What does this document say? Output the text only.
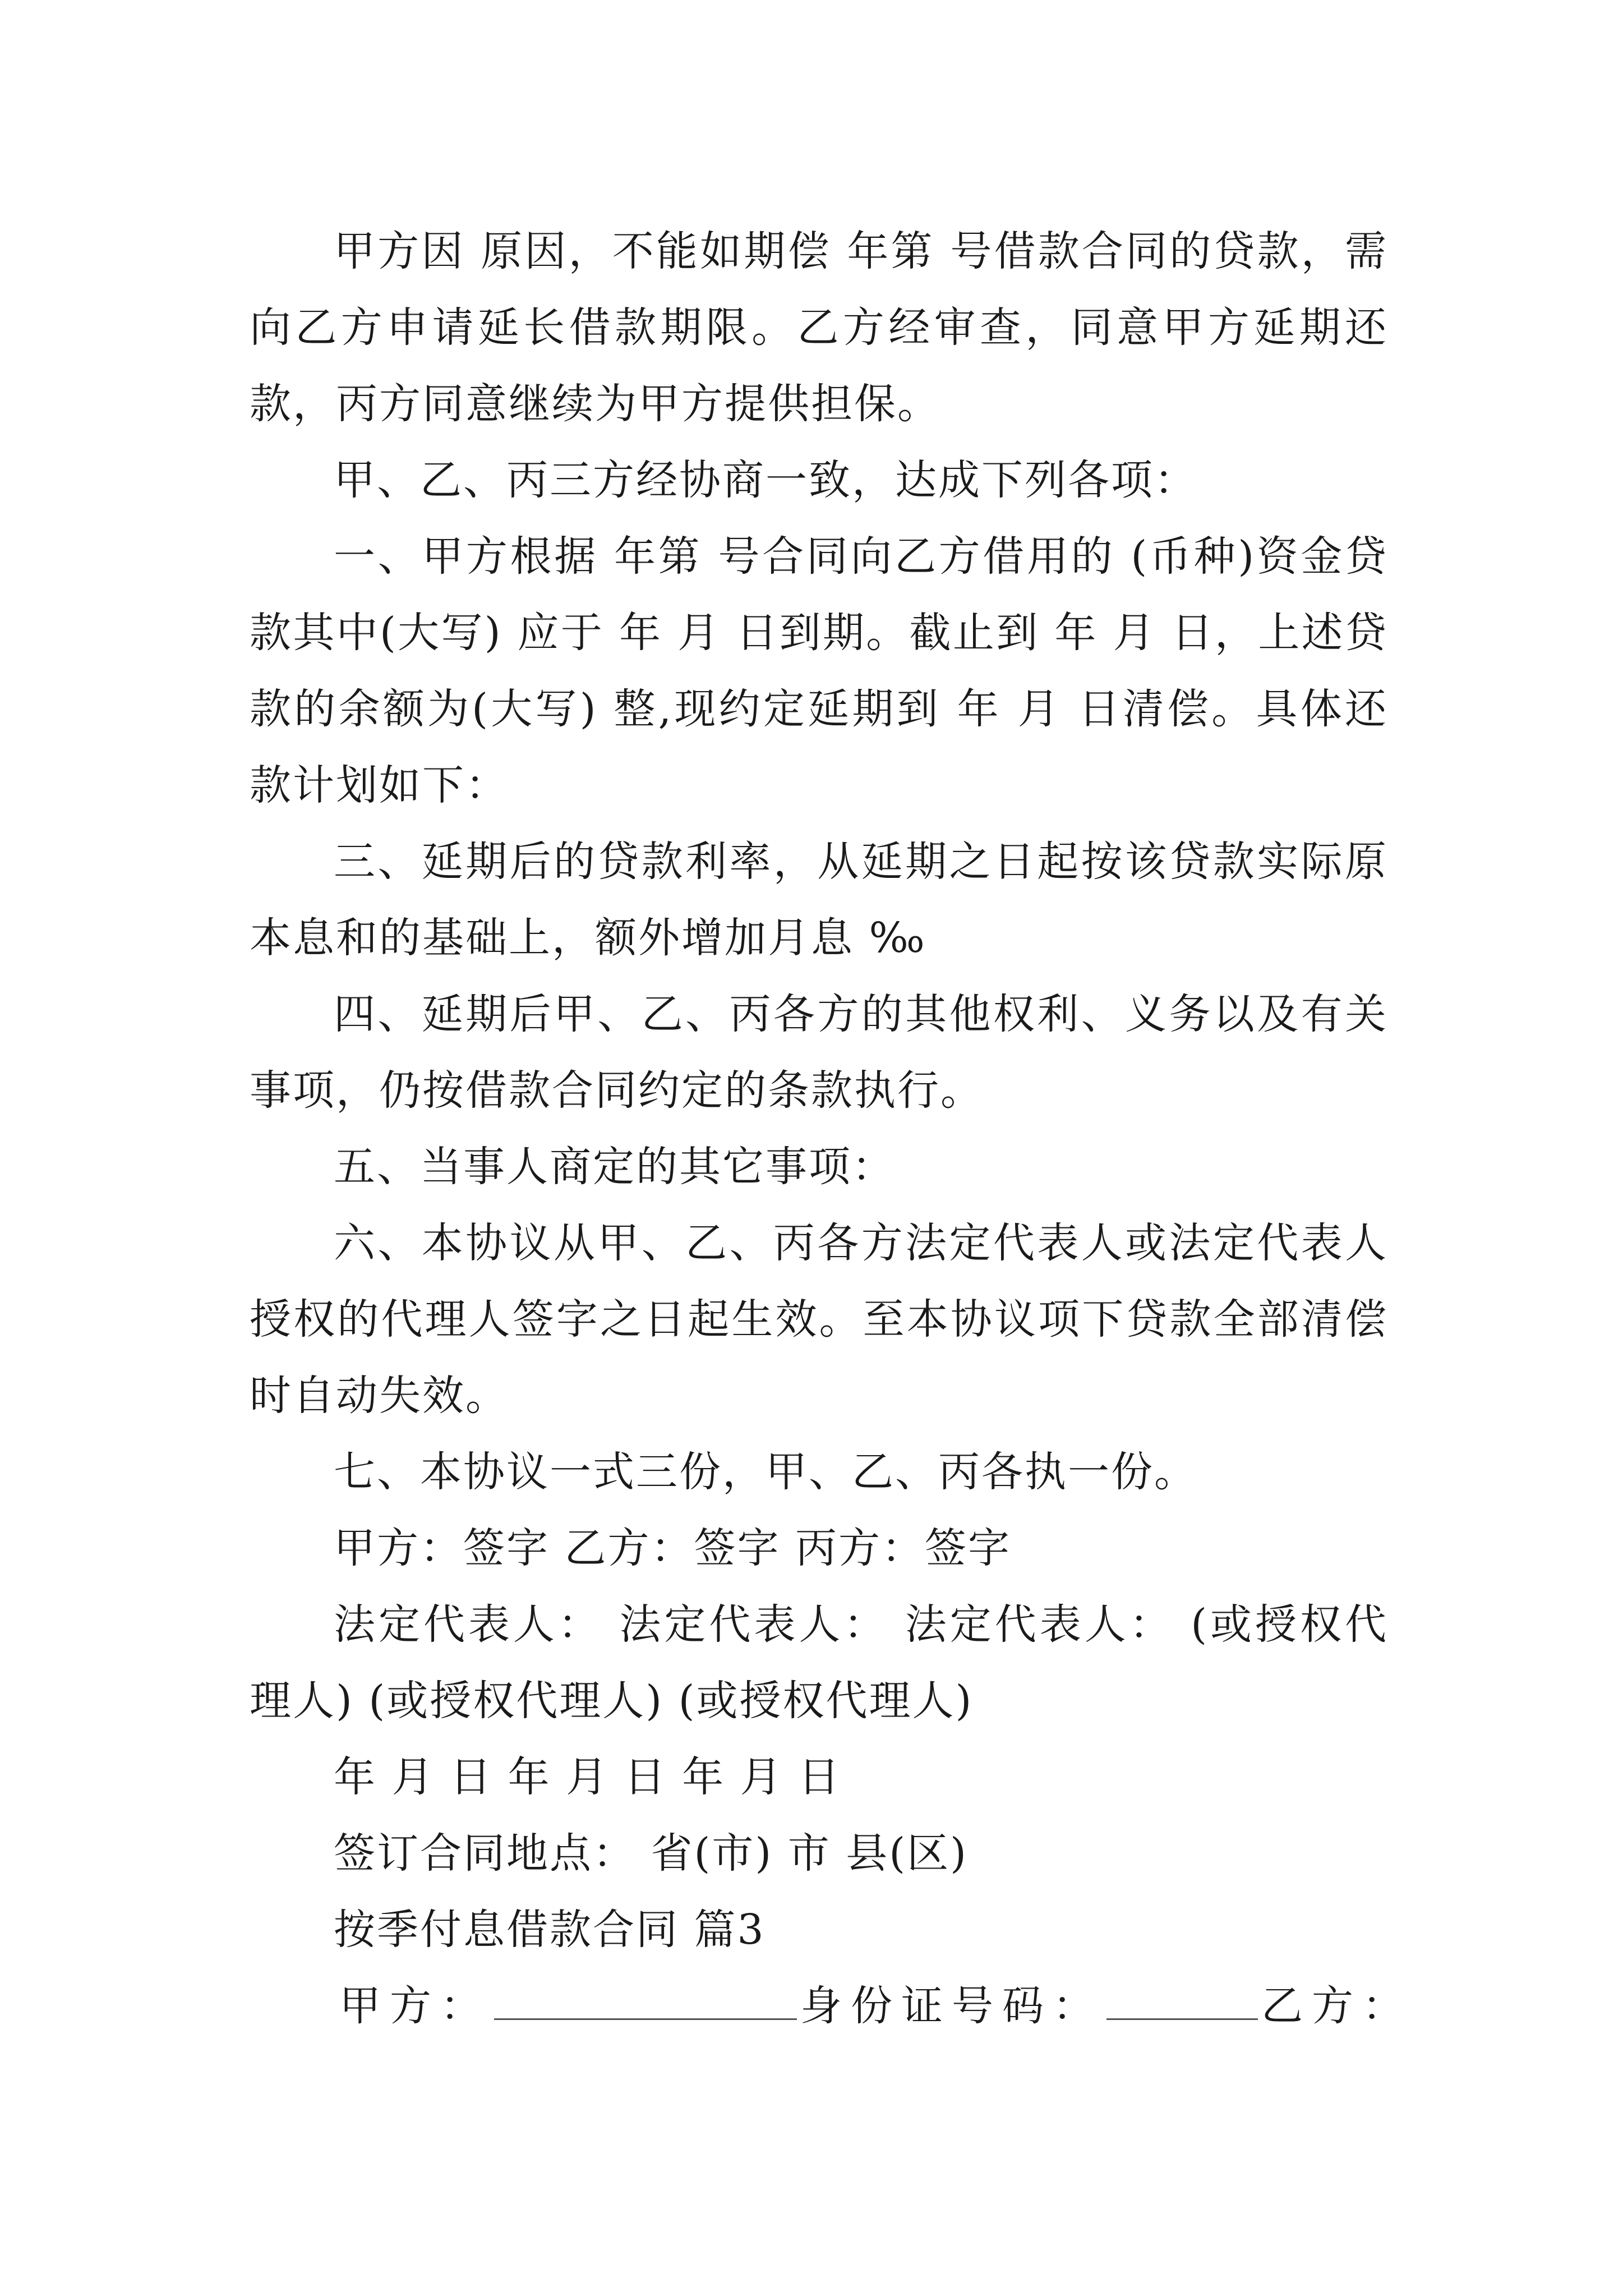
甲方因 原因，不能如期偿 年第 号借款合同的贷款，需向乙方申请延长借款期限。乙方经审查，同意甲方延期还款，丙方同意继续为甲方提供担保。

甲、乙、丙三方经协商一致，达成下列各项：

一、甲方根据 年第 号合同向乙方借用的 (币种)资金贷款其中(大写) 应于 年 月 日到期。截止到 年 月 日，上述贷款的余额为(大写) 整,现约定延期到 年 月 日清偿。具体还款计划如下：

三、延期后的贷款利率，从延期之日起按该贷款实际原本息和的基础上，额外增加月息 ‰

四、延期后甲、乙、丙各方的其他权利、义务以及有关事项，仍按借款合同约定的条款执行。

五、当事人商定的其它事项：

六、本协议从甲、乙、丙各方法定代表人或法定代表人授权的代理人签字之日起生效。至本协议项下贷款全部清偿时自动失效。

七、本协议一式三份，甲、乙、丙各执一份。

甲方：签字 乙方：签字 丙方：签字

法定代表人： 法定代表人： 法定代表人： (或授权代理人) (或授权代理人) (或授权代理人)

年 月 日 年 月 日 年 月 日

签订合同地点： 省(市) 市 县(区)

按季付息借款合同 篇3

甲方：	身份证号码：	乙方：
